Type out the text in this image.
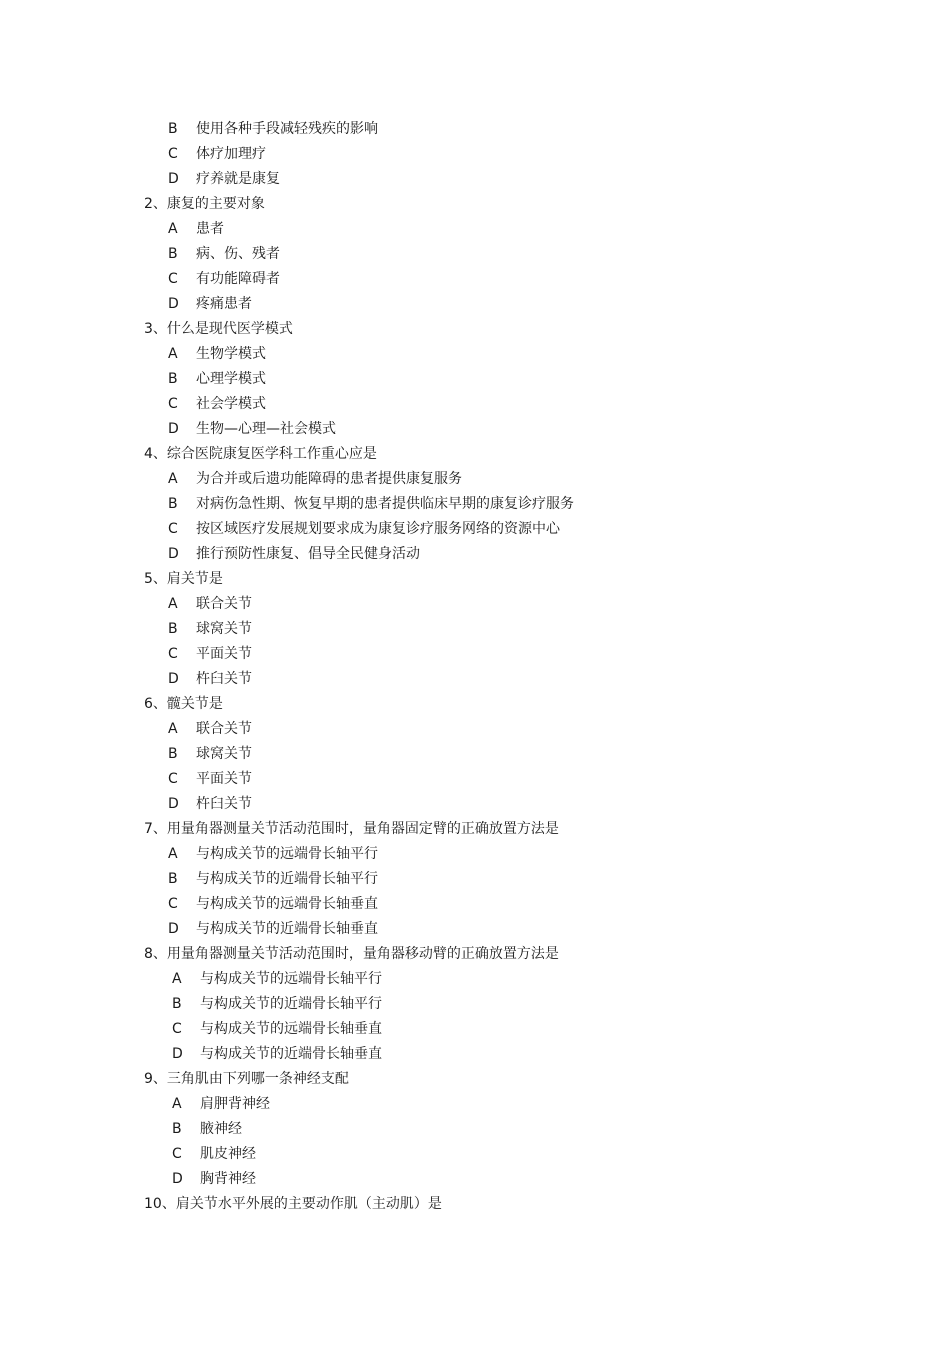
B	使用各种手段减轻残疾的影响
C	体疗加理疗
D	疗养就是康复
2、康复的主要对象
A	患者
B	病、伤、残者
C	有功能障碍者
D	疼痛患者
3、什么是现代医学模式
A	生物学模式
B	心理学模式
C	社会学模式
D	生物—心理—社会模式
4、综合医院康复医学科工作重心应是
A	为合并或后遗功能障碍的患者提供康复服务
B	对病伤急性期、恢复早期的患者提供临床早期的康复诊疗服务
C	按区域医疗发展规划要求成为康复诊疗服务网络的资源中心
D	推行预防性康复、倡导全民健身活动
5、肩关节是
A	联合关节
B	球窝关节
C	平面关节
D	杵臼关节
6、髋关节是
A	联合关节
B	球窝关节
C	平面关节
D	杵臼关节
7、用量角器测量关节活动范围时，量角器固定臂的正确放置方法是
A	与构成关节的远端骨长轴平行
B	与构成关节的近端骨长轴平行
C	与构成关节的远端骨长轴垂直
D	与构成关节的近端骨长轴垂直
8、用量角器测量关节活动范围时，量角器移动臂的正确放置方法是
A	与构成关节的远端骨长轴平行
B	与构成关节的近端骨长轴平行
C	与构成关节的远端骨长轴垂直
D	与构成关节的近端骨长轴垂直
9、三角肌由下列哪一条神经支配
A	肩胛背神经
B	腋神经
C	肌皮神经
D	胸背神经
10、肩关节水平外展的主要动作肌（主动肌）是
